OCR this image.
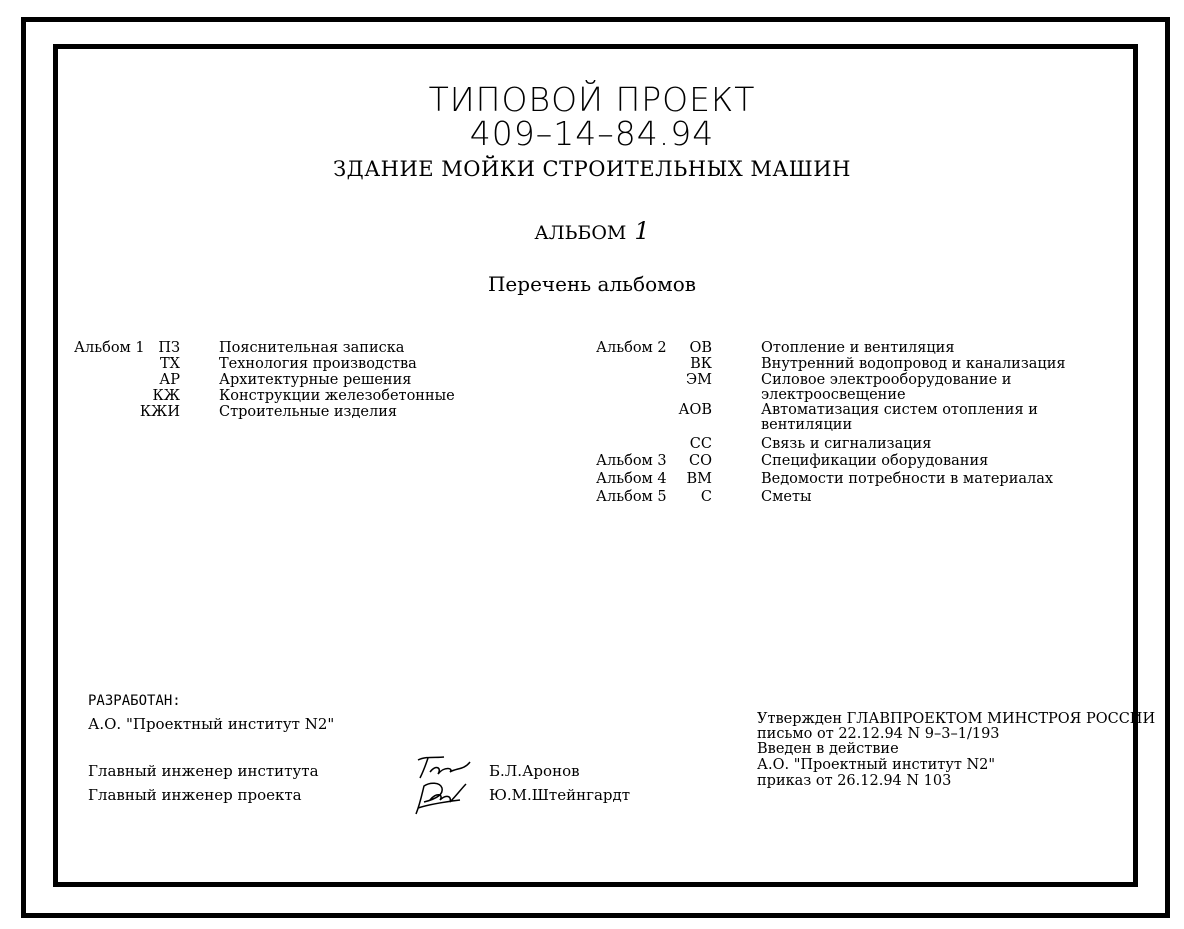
ТИПОВОЙ ПРОЕКТ
409–14–84.94
ЗДАНИЕ МОЙКИ СТРОИТЕЛЬНЫХ МАШИН
АЛЬБОМ 1
Перечень альбомов
Альбом 1 ПЗ
ТХ
АР
КЖ
КЖИ
Пояснительная записка
Технология производства
Архитектурные решения
Конструкции железобетонные
Строительные изделия
Альбом 2
Альбом 3
Альбом 4
Альбом 5
ОВ
ВК
ЭМ
АОВ
СС
СО
ВМ
С
Отопление и вентиляция
Внутренний водопровод и канализация
Силовое электрооборудование и
электроосвещение
Автоматизация систем отопления и
вентиляции
Связь и сигнализация
Спецификации оборудования
Ведомости потребности в материалах
Сметы
РАЗРАБОТАН:
А.О. "Проектный институт N2"
Главный инженер института
Главный инженер проекта
Б.Л.Аронов
Ю.М.Штейнгардт
Утвержден ГЛАВПРОЕКТОМ МИНСТРОЯ РОССИИ
письмо от 22.12.94 N 9–3–1/193
Введен в действие
А.О. "Проектный институт N2"
приказ от 26.12.94 N 103
